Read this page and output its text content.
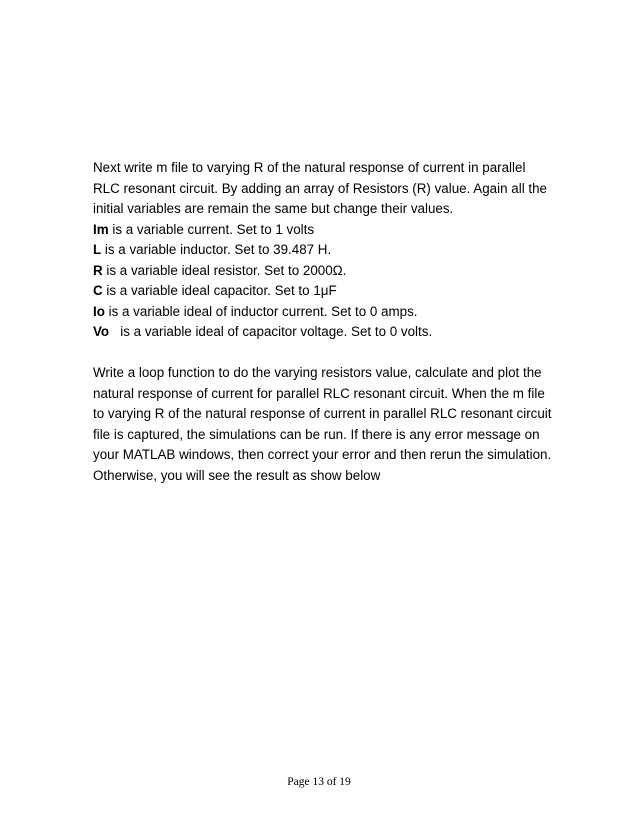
Next write m file to varying R of the natural response of current in parallel RLC resonant circuit. By adding an array of Resistors (R) value. Again all the initial variables are remain the same but change their values.

Im is a variable current. Set to 1 volts
L is a variable inductor. Set to 39.487 H.
R is a variable ideal resistor. Set to 2000Ω.
C is a variable ideal capacitor. Set to 1μF
Io is a variable ideal of inductor current. Set to 0 amps.
Vo   is a variable ideal of capacitor voltage. Set to 0 volts.

Write a loop function to do the varying resistors value, calculate and plot the natural response of current for parallel RLC resonant circuit. When the m file to varying R of the natural response of current in parallel RLC resonant circuit file is captured, the simulations can be run. If there is any error message on your MATLAB windows, then correct your error and then rerun the simulation. Otherwise, you will see the result as show below

Page 13 of 19
